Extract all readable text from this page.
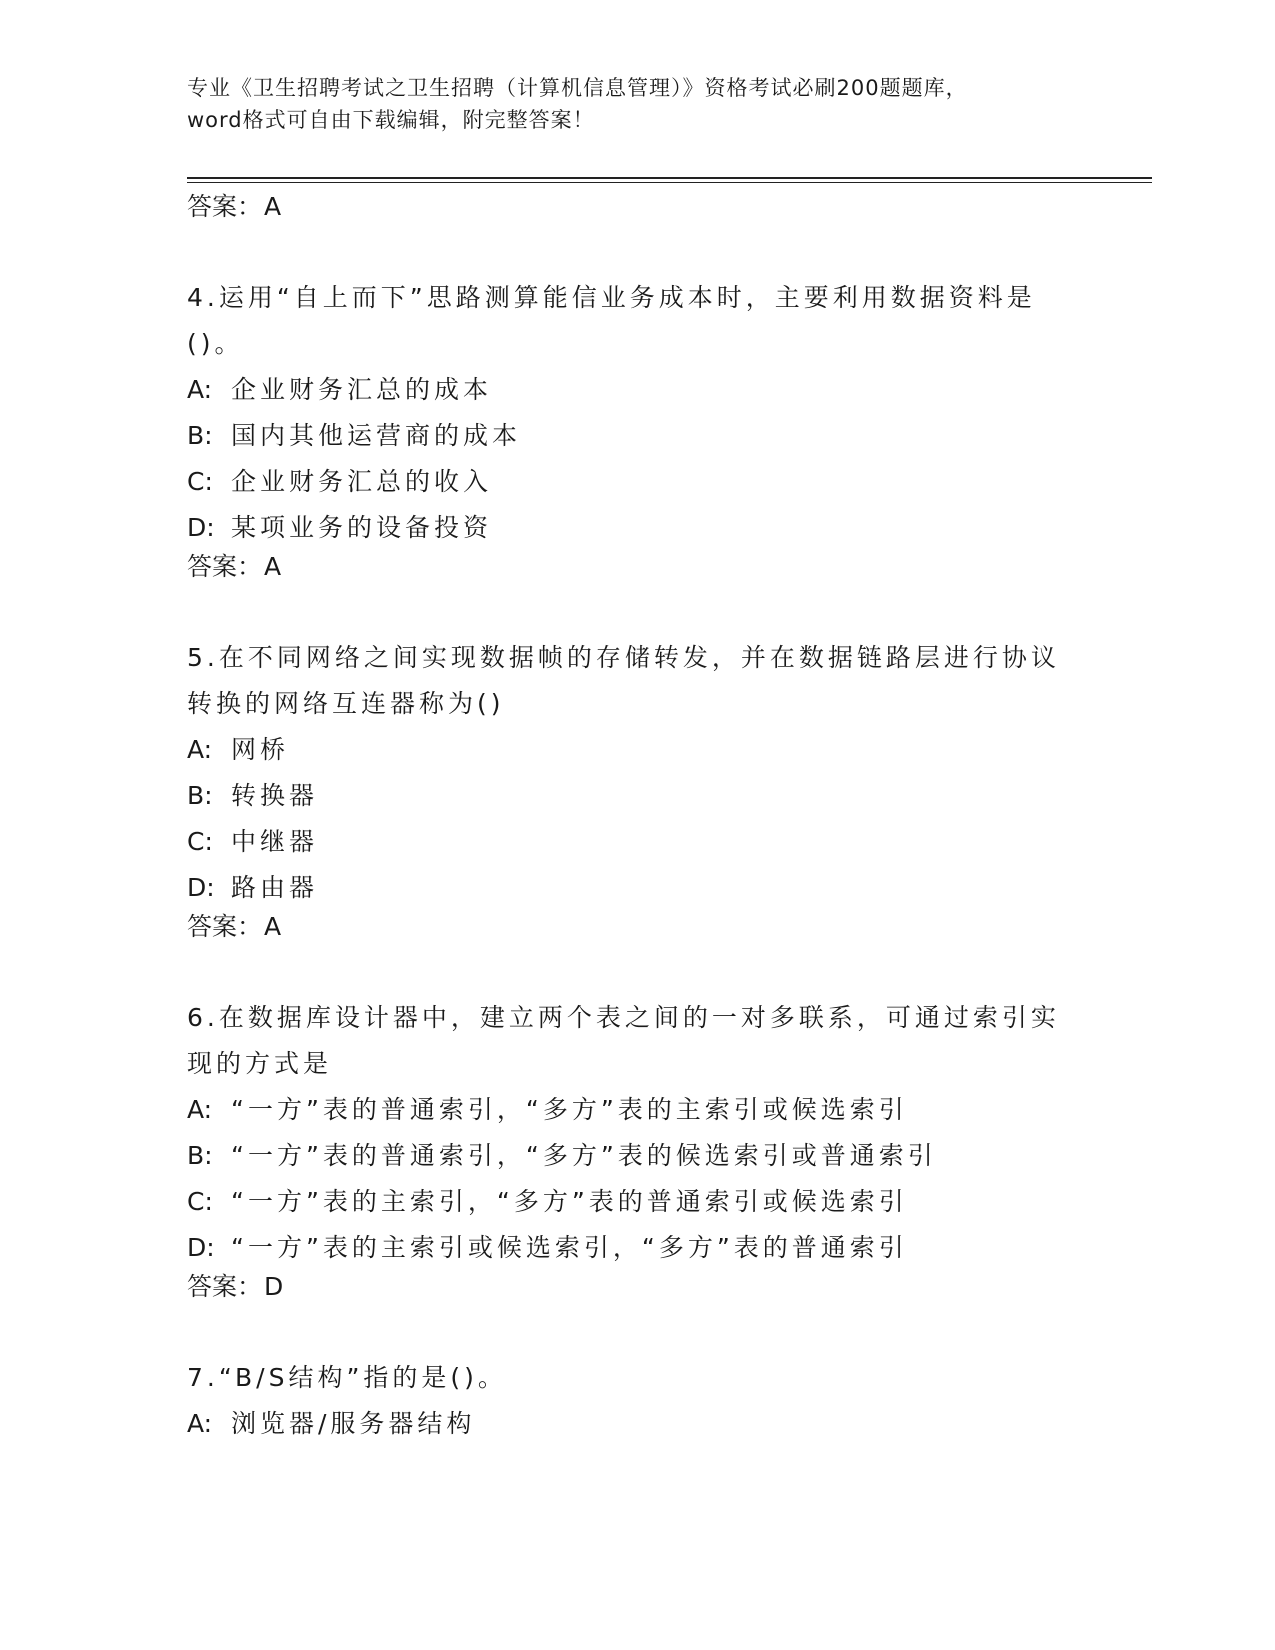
专业《卫生招聘考试之卫生招聘（计算机信息管理）》资格考试必刷200题题库，
word格式可自由下载编辑，附完整答案！
答案：A
4.运用“自上而下”思路测算能信业务成本时，主要利用数据资料是()。
A: 企业财务汇总的成本
B: 国内其他运营商的成本
C: 企业财务汇总的收入
D: 某项业务的设备投资
答案：A
5.在不同网络之间实现数据帧的存储转发，并在数据链路层进行协议转换的网络互连器称为()
A: 网桥
B: 转换器
C: 中继器
D: 路由器
答案：A
6.在数据库设计器中，建立两个表之间的一对多联系，可通过索引实现的方式是
A: “一方”表的普通索引，“多方”表的主索引或候选索引
B: “一方”表的普通索引，“多方”表的候选索引或普通索引
C: “一方”表的主索引，“多方”表的普通索引或候选索引
D: “一方”表的主索引或候选索引，“多方”表的普通索引
答案：D
7.“B/S结构”指的是()。
A: 浏览器/服务器结构
